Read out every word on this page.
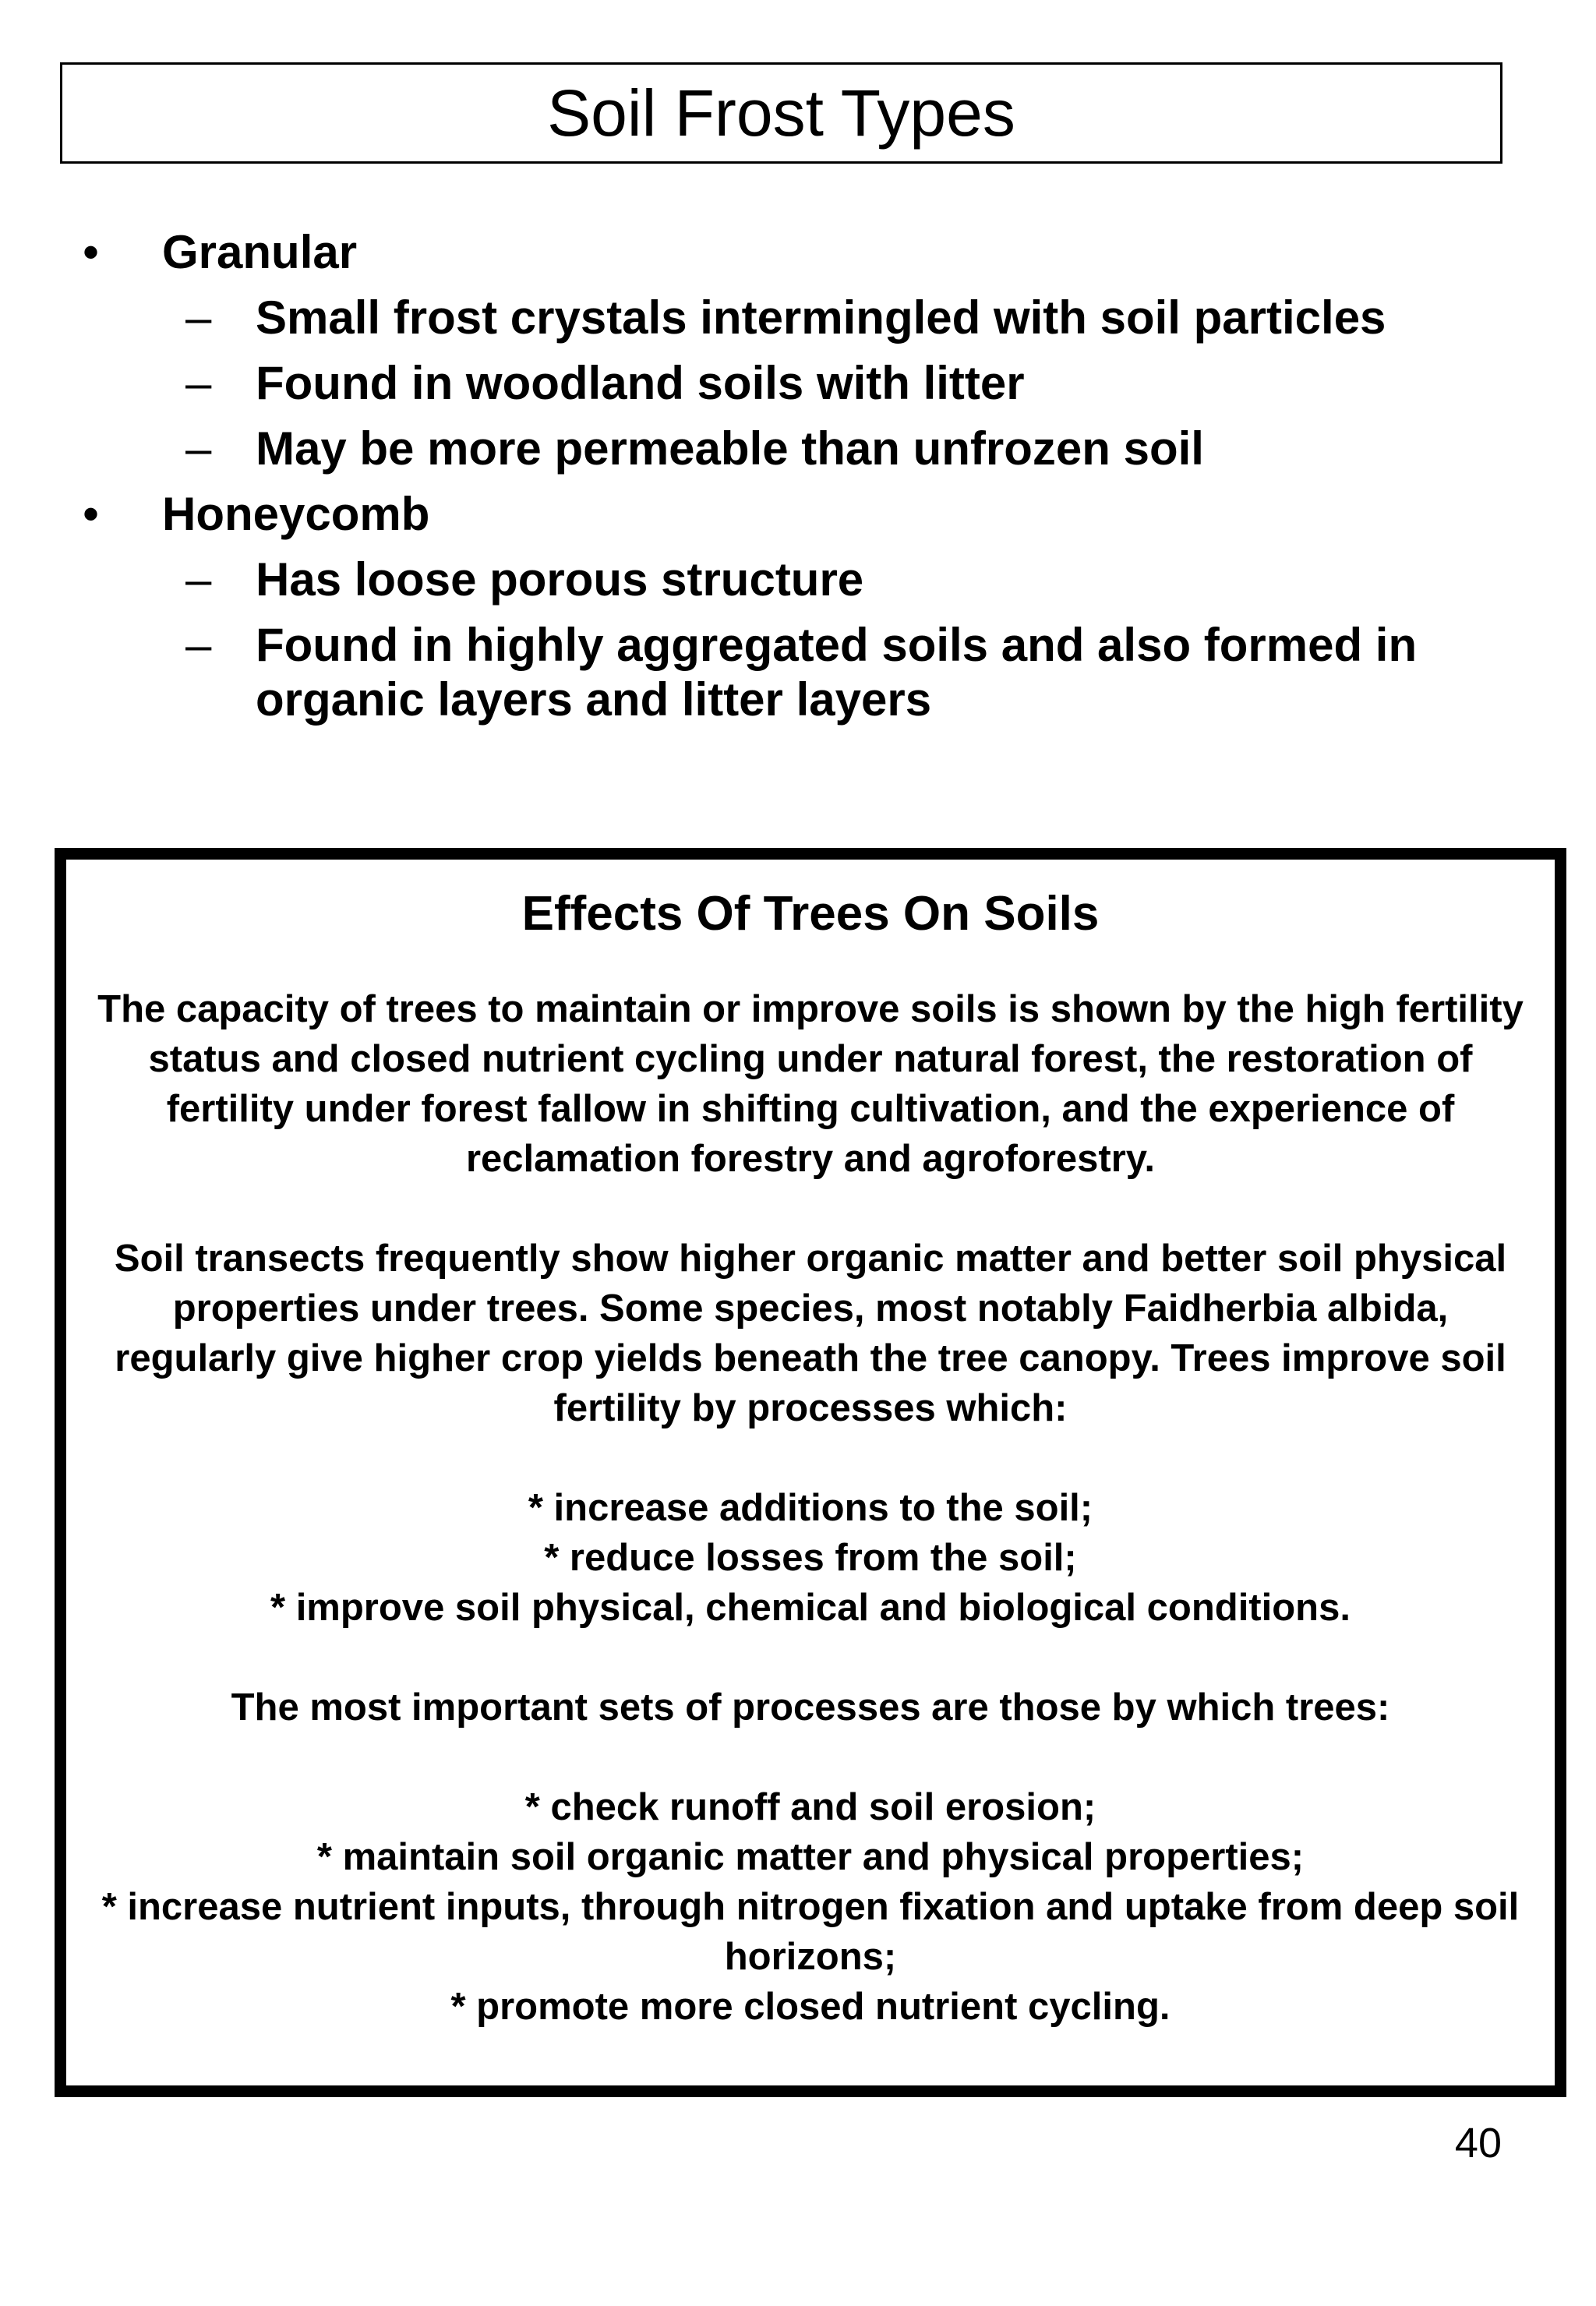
Soil Frost Types
• Granular
– Small frost crystals intermingled with soil particles
– Found in woodland soils with litter
– May be more permeable than unfrozen soil
• Honeycomb
– Has loose porous structure
– Found in highly aggregated soils and also formed in organic layers and litter layers
Effects Of Trees On Soils

The capacity of trees to maintain or improve soils is shown by the high fertility status and closed nutrient cycling under natural forest, the restoration of fertility under forest fallow in shifting cultivation, and the experience of reclamation forestry and agroforestry.

Soil transects frequently show higher organic matter and better soil physical properties under trees. Some species, most notably Faidherbia albida, regularly give higher crop yields beneath the tree canopy. Trees improve soil fertility by processes which:

* increase additions to the soil;

* reduce losses from the soil;

* improve soil physical, chemical and biological conditions.

The most important sets of processes are those by which trees:

* check runoff and soil erosion;

* maintain soil organic matter and physical properties;

* increase nutrient inputs, through nitrogen fixation and uptake from deep soil horizons;

* promote more closed nutrient cycling.

40
